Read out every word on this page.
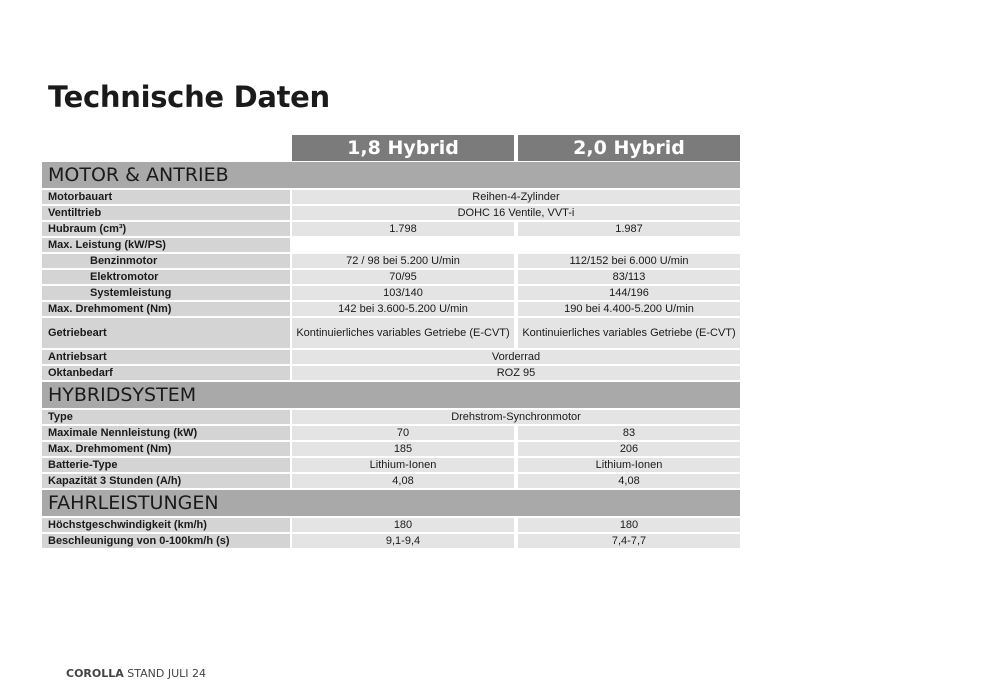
Technische Daten
1,8 Hybrid	2,0 Hybrid
MOTOR & ANTRIEB
Motorbauart	Reihen-4-Zylinder
Ventiltrieb	DOHC 16 Ventile, VVT-i
Hubraum (cm³)	1.798	1.987
Max. Leistung (kW/PS)
Benzinmotor	72 / 98 bei 5.200 U/min	112/152 bei 6.000 U/min
Elektromotor	70/95	83/113
Systemleistung	103/140	144/196
Max. Drehmoment (Nm)	142 bei 3.600-5.200 U/min	190 bei 4.400-5.200 U/min
Getriebeart	Kontinuierliches variables Getriebe (E-CVT)	Kontinuierliches variables Getriebe (E-CVT)
Antriebsart	Vorderrad
Oktanbedarf	ROZ 95
HYBRIDSYSTEM
Type	Drehstrom-Synchronmotor
Maximale Nennleistung (kW)	70	83
Max. Drehmoment (Nm)	185	206
Batterie-Type	Lithium-Ionen	Lithium-Ionen
Kapazität 3 Stunden (A/h)	4,08	4,08
FAHRLEISTUNGEN
Höchstgeschwindigkeit (km/h)	180	180
Beschleunigung von 0-100km/h (s)	9,1-9,4	7,4-7,7
COROLLA STAND JULI 24
